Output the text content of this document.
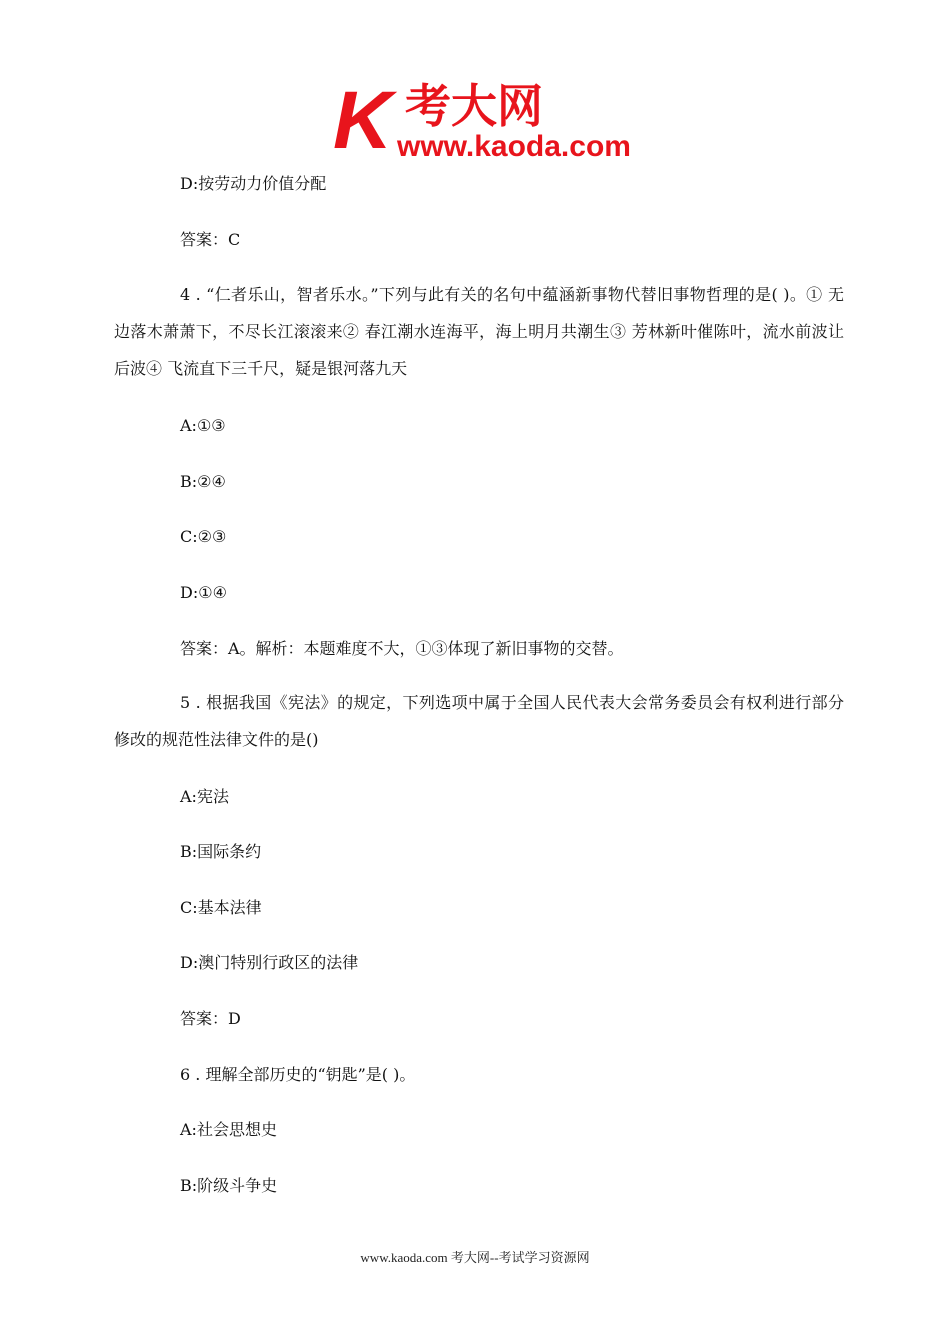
K 考大网
www.kaoda.com

D:按劳动力价值分配

答案：C

4 . “仁者乐山，智者乐水。”下列与此有关的名句中蕴涵新事物代替旧事物哲理的是( )。① 无边落木萧萧下，不尽长江滚滚来② 春江潮水连海平，海上明月共潮生③ 芳林新叶催陈叶，流水前波让后波④ 飞流直下三千尺，疑是银河落九天

A:①③

B:②④

C:②③

D:①④

答案：A。解析：本题难度不大，①③体现了新旧事物的交替。

5 . 根据我国《宪法》的规定，下列选项中属于全国人民代表大会常务委员会有权利进行部分修改的规范性法律文件的是()

A:宪法

B:国际条约

C:基本法律

D:澳门特别行政区的法律

答案：D

6 . 理解全部历史的“钥匙”是( )。

A:社会思想史

B:阶级斗争史

www.kaoda.com 考大网--考试学习资源网
